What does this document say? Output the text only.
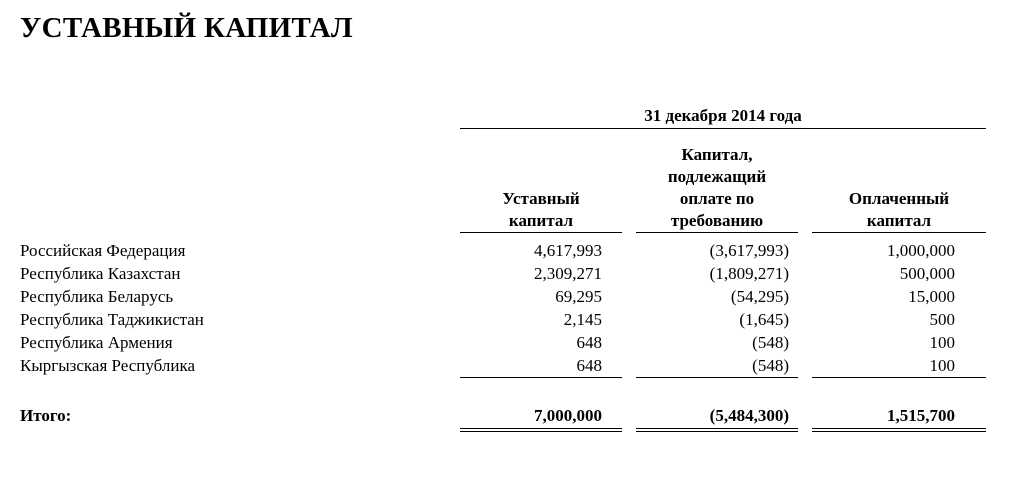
УСТАВНЫЙ КАПИТАЛ
31 декабря 2014 года
Уставный
капитал
Капитал,
подлежащий
оплате по
требованию
Оплаченный
капитал
Российская Федерация	4,617,993	(3,617,993)	1,000,000
Республика Казахстан	2,309,271	(1,809,271)	500,000
Республика Беларусь	69,295	(54,295)	15,000
Республика Таджикистан	2,145	(1,645)	500
Республика Армения	648	(548)	100
Кыргызская Республика	648	(548)	100
Итого:	7,000,000	(5,484,300)	1,515,700
